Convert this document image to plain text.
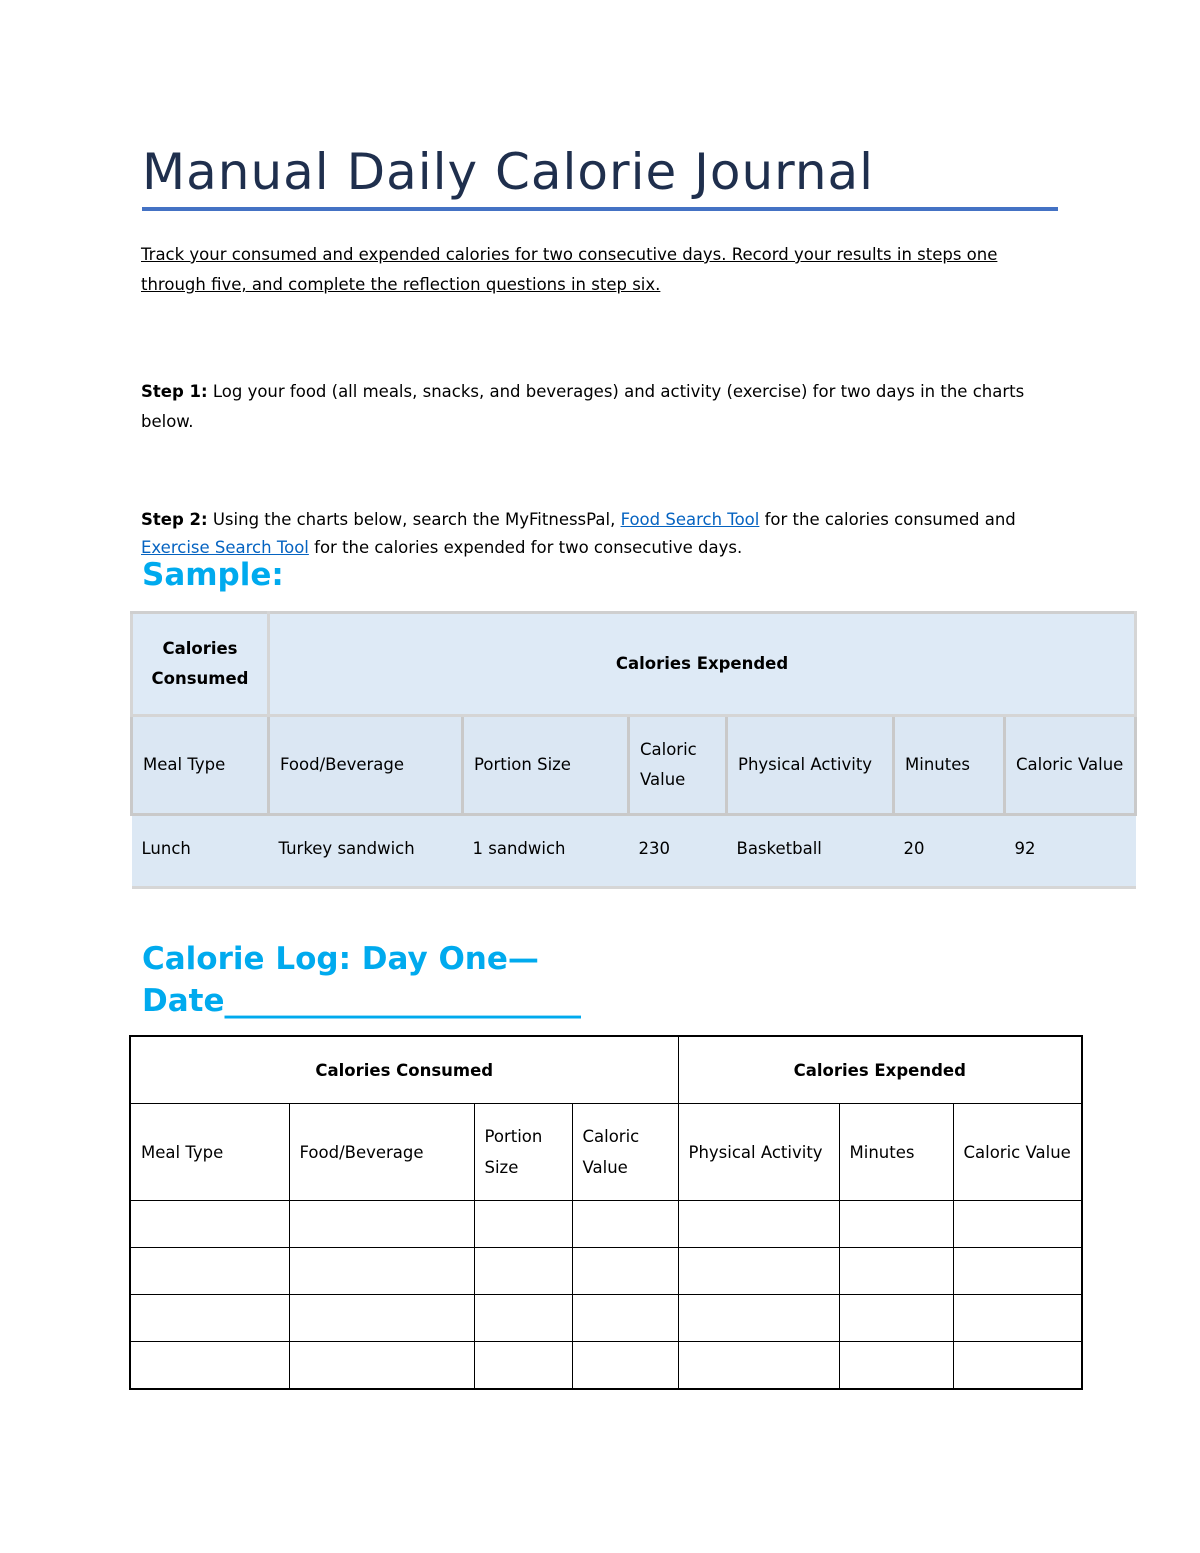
Manual Daily Calorie Journal

Track your consumed and expended calories for two consecutive days. Record your results in steps one through five, and complete the reflection questions in step six.

Step 1: Log your food (all meals, snacks, and beverages) and activity (exercise) for two days in the charts below.

Step 2: Using the charts below, search the MyFitnessPal, Food Search Tool for the calories consumed and Exercise Search Tool for the calories expended for two consecutive days.

Sample:
Calories Consumed	Calories Expended					
Meal Type	Food/Beverage	Portion Size	Caloric Value	Physical Activity	Minutes	Caloric Value
Lunch	Turkey sandwich	1 sandwich	230	Basketball	20	92
Calorie Log: Day One—Date_______________________
Calories Consumed				Calories Expended		
Meal Type	Food/Beverage	Portion Size	Caloric Value	Physical Activity	Minutes	Caloric Value
